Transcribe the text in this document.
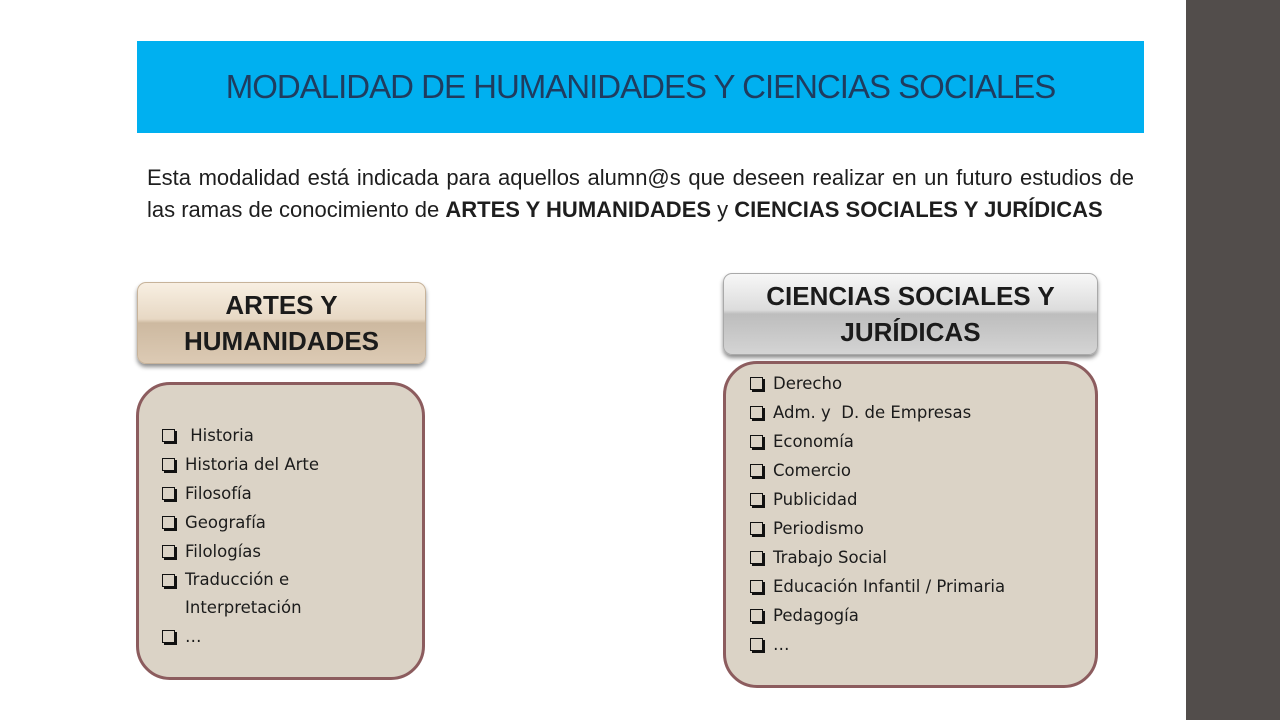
MODALIDAD DE HUMANIDADES Y CIENCIAS SOCIALES

Esta modalidad está indicada para aquellos alumn@s que deseen realizar en un futuro estudios de las ramas de conocimiento de ARTES Y HUMANIDADES y CIENCIAS SOCIALES Y JURÍDICAS

ARTES Y
HUMANIDADES
CIENCIAS SOCIALES Y
JURÍDICAS
Historia
Historia del Arte
Filosofía
Geografía
Filologías
Traducción e Interpretación
…
Derecho
Adm. y  D. de Empresas
Economía
Comercio
Publicidad
Periodismo
Trabajo Social
Educación Infantil / Primaria
Pedagogía
…
